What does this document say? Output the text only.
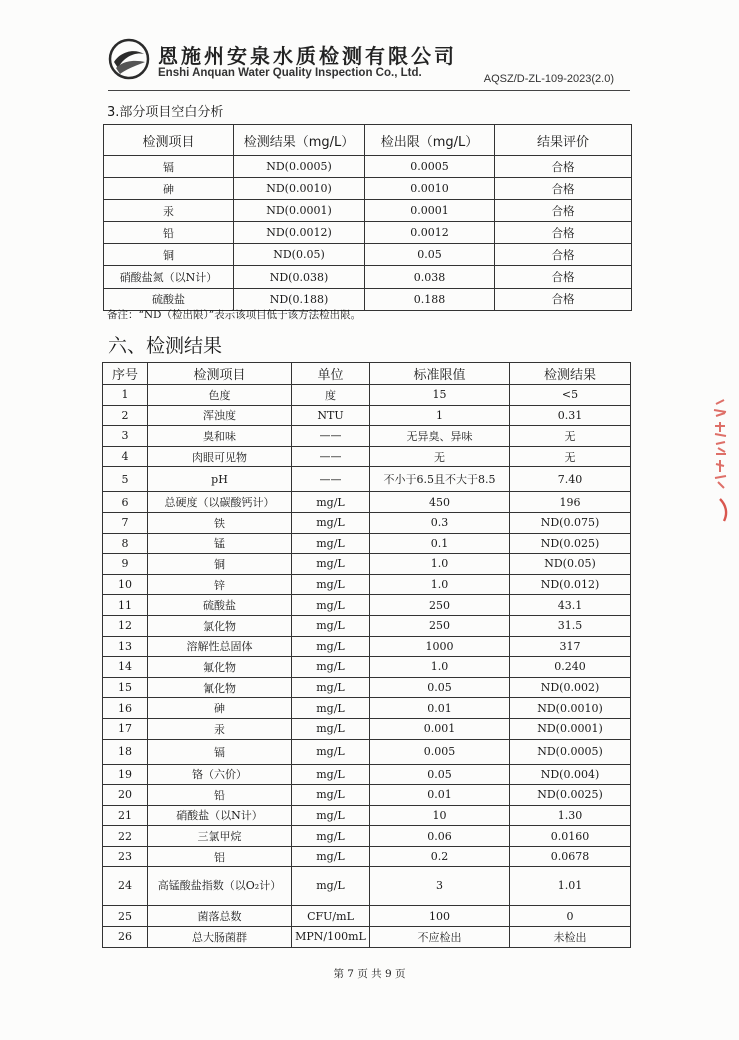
恩施州安泉水质检测有限公司
Enshi Anquan Water Quality Inspection Co., Ltd.	AQSZ/D-ZL-109-2023(2.0)
3.部分项目空白分析
检测项目	检测结果（mg/L）	检出限（mg/L）	结果评价
镉	ND(0.0005)	0.0005	合格
砷	ND(0.0010)	0.0010	合格
汞	ND(0.0001)	0.0001	合格
铅	ND(0.0012)	0.0012	合格
铜	ND(0.05)	0.05	合格
硝酸盐氮（以N计）	ND(0.038)	0.038	合格
硫酸盐	ND(0.188)	0.188	合格
备注：“ND（检出限）”表示该项目低于该方法检出限。
六、检测结果
序号	检测项目	单位	标准限值	检测结果
1	色度	度	15	<5
2	浑浊度	NTU	1	0.31
3	臭和味	——	无异臭、异味	无
4	肉眼可见物	——	无	无
5	pH	——	不小于6.5且不大于8.5	7.40
6	总硬度（以碳酸钙计）	mg/L	450	196
7	铁	mg/L	0.3	ND(0.075)
8	锰	mg/L	0.1	ND(0.025)
9	铜	mg/L	1.0	ND(0.05)
10	锌	mg/L	1.0	ND(0.012)
11	硫酸盐	mg/L	250	43.1
12	氯化物	mg/L	250	31.5
13	溶解性总固体	mg/L	1000	317
14	氟化物	mg/L	1.0	0.240
15	氰化物	mg/L	0.05	ND(0.002)
16	砷	mg/L	0.01	ND(0.0010)
17	汞	mg/L	0.001	ND(0.0001)
18	镉	mg/L	0.005	ND(0.0005)
19	铬（六价）	mg/L	0.05	ND(0.004)
20	铅	mg/L	0.01	ND(0.0025)
21	硝酸盐（以N计）	mg/L	10	1.30
22	三氯甲烷	mg/L	0.06	0.0160
23	铝	mg/L	0.2	0.0678
24	高锰酸盐指数（以O₂计）	mg/L	3	1.01
25	菌落总数	CFU/mL	100	0
26	总大肠菌群	MPN/100mL	不应检出	未检出
第 7 页 共 9 页
